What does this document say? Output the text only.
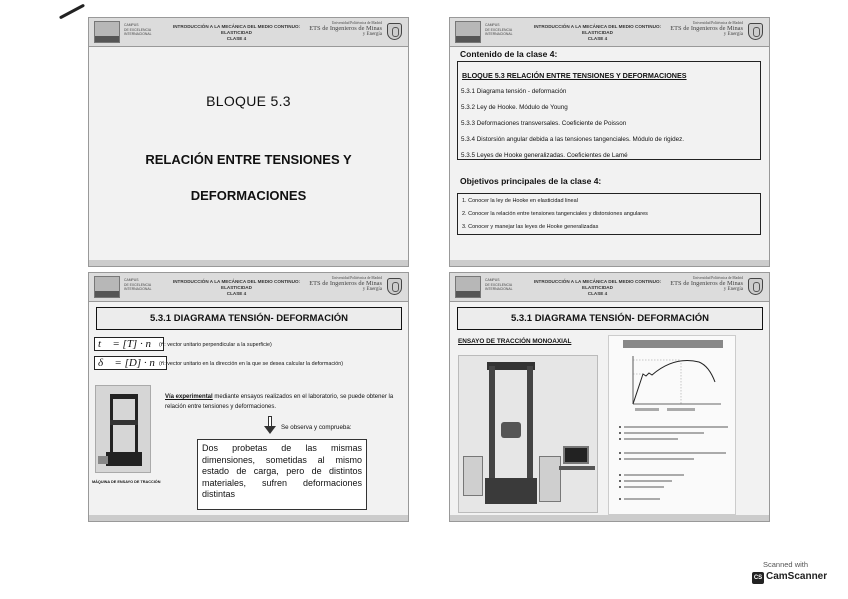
CAMPUS
DE EXCELENCIA
INTERNACIONAL
INTRODUCCIÓN A LA MECÁNICA DEL MEDIO CONTINUO: ELASTICIDAD
CLASE 4
Universidad Politécnica de Madrid
ETS de Ingenieros de Minas
y Energía
BLOQUE 5.3
RELACIÓN ENTRE TENSIONES Y
DEFORMACIONES
CAMPUS
DE EXCELENCIA
INTERNACIONAL
INTRODUCCIÓN A LA MECÁNICA DEL MEDIO CONTINUO: ELASTICIDAD
CLASE 4
Universidad Politécnica de Madrid
ETS de Ingenieros de Minas
y Energía
Contenido de la clase 4:
BLOQUE 5.3 RELACIÓN ENTRE TENSIONES Y DEFORMACIONES
5.3.1 Diagrama tensión - deformación
5.3.2 Ley de Hooke. Módulo de Young
5.3.3 Deformaciones transversales. Coeficiente de Poisson
5.3.4 Distorsión angular debida a las tensiones tangenciales. Módulo de rigidez.
5.3.5 Leyes de Hooke generalizadas. Coeficientes de Lamé
Objetivos principales de la clase 4:
1. Conocer la ley de Hooke en elasticidad lineal
2. Conocer la relación entre tensiones tangenciales y distorsiones angulares
3. Conocer y manejar las leyes de Hooke generalizadas
CAMPUS
DE EXCELENCIA
INTERNACIONAL
INTRODUCCIÓN A LA MECÁNICA DEL MEDIO CONTINUO: ELASTICIDAD
CLASE 4
Universidad Politécnica de Madrid
ETS de Ingenieros de Minas
y Energía
5.3.1 DIAGRAMA TENSIÓN- DEFORMACIÓN
t⃗ = [T] · n⃗ (n⃗: vector unitario perpendicular a la superficie)
δ⃗ = [D] · n⃗
(n⃗: vector unitario en la dirección en la que se desea calcular la deformación)
MÁQUINA DE ENSAYO DE TRACCIÓN
Vía experimental mediante ensayos realizados en el laboratorio, se puede obtener la relación entre tensiones y deformaciones.
Se observa y comprueba:
Dos probetas de las mismas dimensiones, sometidas al mismo estado de carga, pero de distintos materiales, sufren deformaciones distintas
CAMPUS
DE EXCELENCIA
INTERNACIONAL
INTRODUCCIÓN A LA MECÁNICA DEL MEDIO CONTINUO: ELASTICIDAD
CLASE 4
Universidad Politécnica de Madrid
ETS de Ingenieros de Minas
y Energía
5.3.1 DIAGRAMA TENSIÓN- DEFORMACIÓN
ENSAYO DE TRACCIÓN MONOAXIAL
Scanned with
CS CamScanner
